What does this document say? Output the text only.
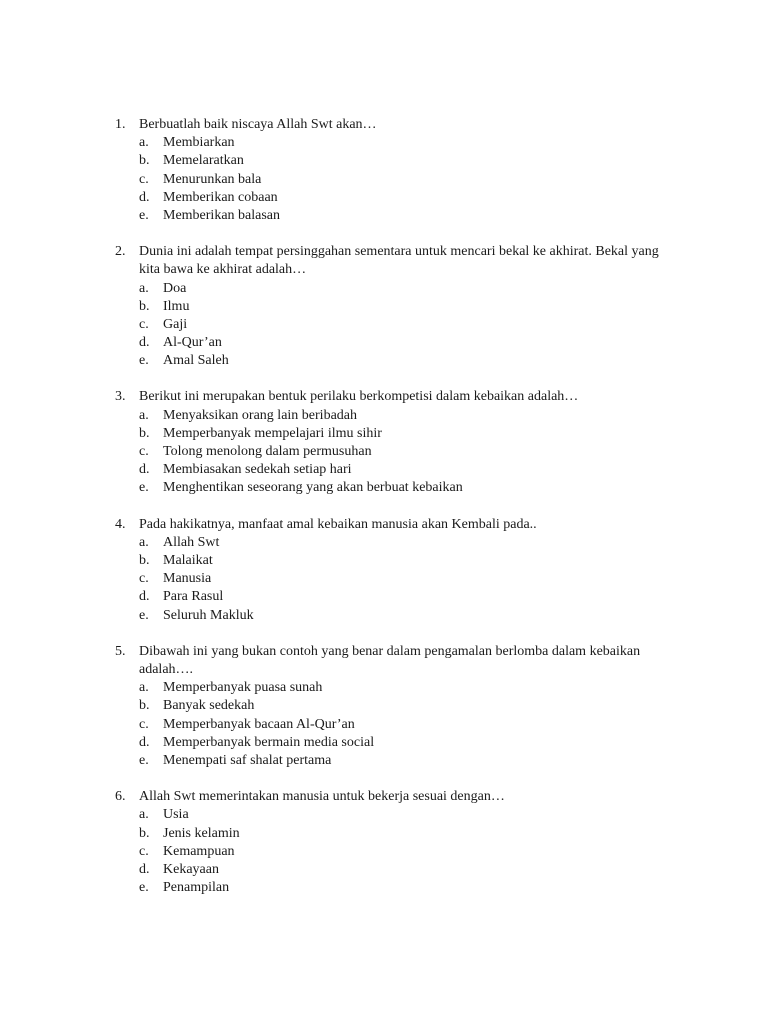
1. Berbuatlah baik niscaya Allah Swt akan…
a. Membiarkan
b. Memelaratkan
c. Menurunkan bala
d. Memberikan cobaan
e. Memberikan balasan
2. Dunia ini adalah tempat persinggahan sementara untuk mencari bekal ke akhirat. Bekal yang kita bawa ke akhirat adalah…
a. Doa
b. Ilmu
c. Gaji
d. Al-Qur’an
e. Amal Saleh
3. Berikut ini merupakan bentuk perilaku berkompetisi dalam kebaikan adalah…
a. Menyaksikan orang lain beribadah
b. Memperbanyak mempelajari ilmu sihir
c. Tolong menolong dalam permusuhan
d. Membiasakan sedekah setiap hari
e. Menghentikan seseorang yang akan berbuat kebaikan
4. Pada hakikatnya, manfaat amal kebaikan manusia akan Kembali pada..
a. Allah Swt
b. Malaikat
c. Manusia
d. Para Rasul
e. Seluruh Makluk
5. Dibawah ini yang bukan contoh yang benar dalam pengamalan berlomba dalam kebaikan adalah….
a. Memperbanyak puasa sunah
b. Banyak sedekah
c. Memperbanyak bacaan Al-Qur’an
d. Memperbanyak bermain media social
e. Menempati saf shalat pertama
6. Allah Swt memerintakan manusia untuk bekerja sesuai dengan…
a. Usia
b. Jenis kelamin
c. Kemampuan
d. Kekayaan
e. Penampilan
